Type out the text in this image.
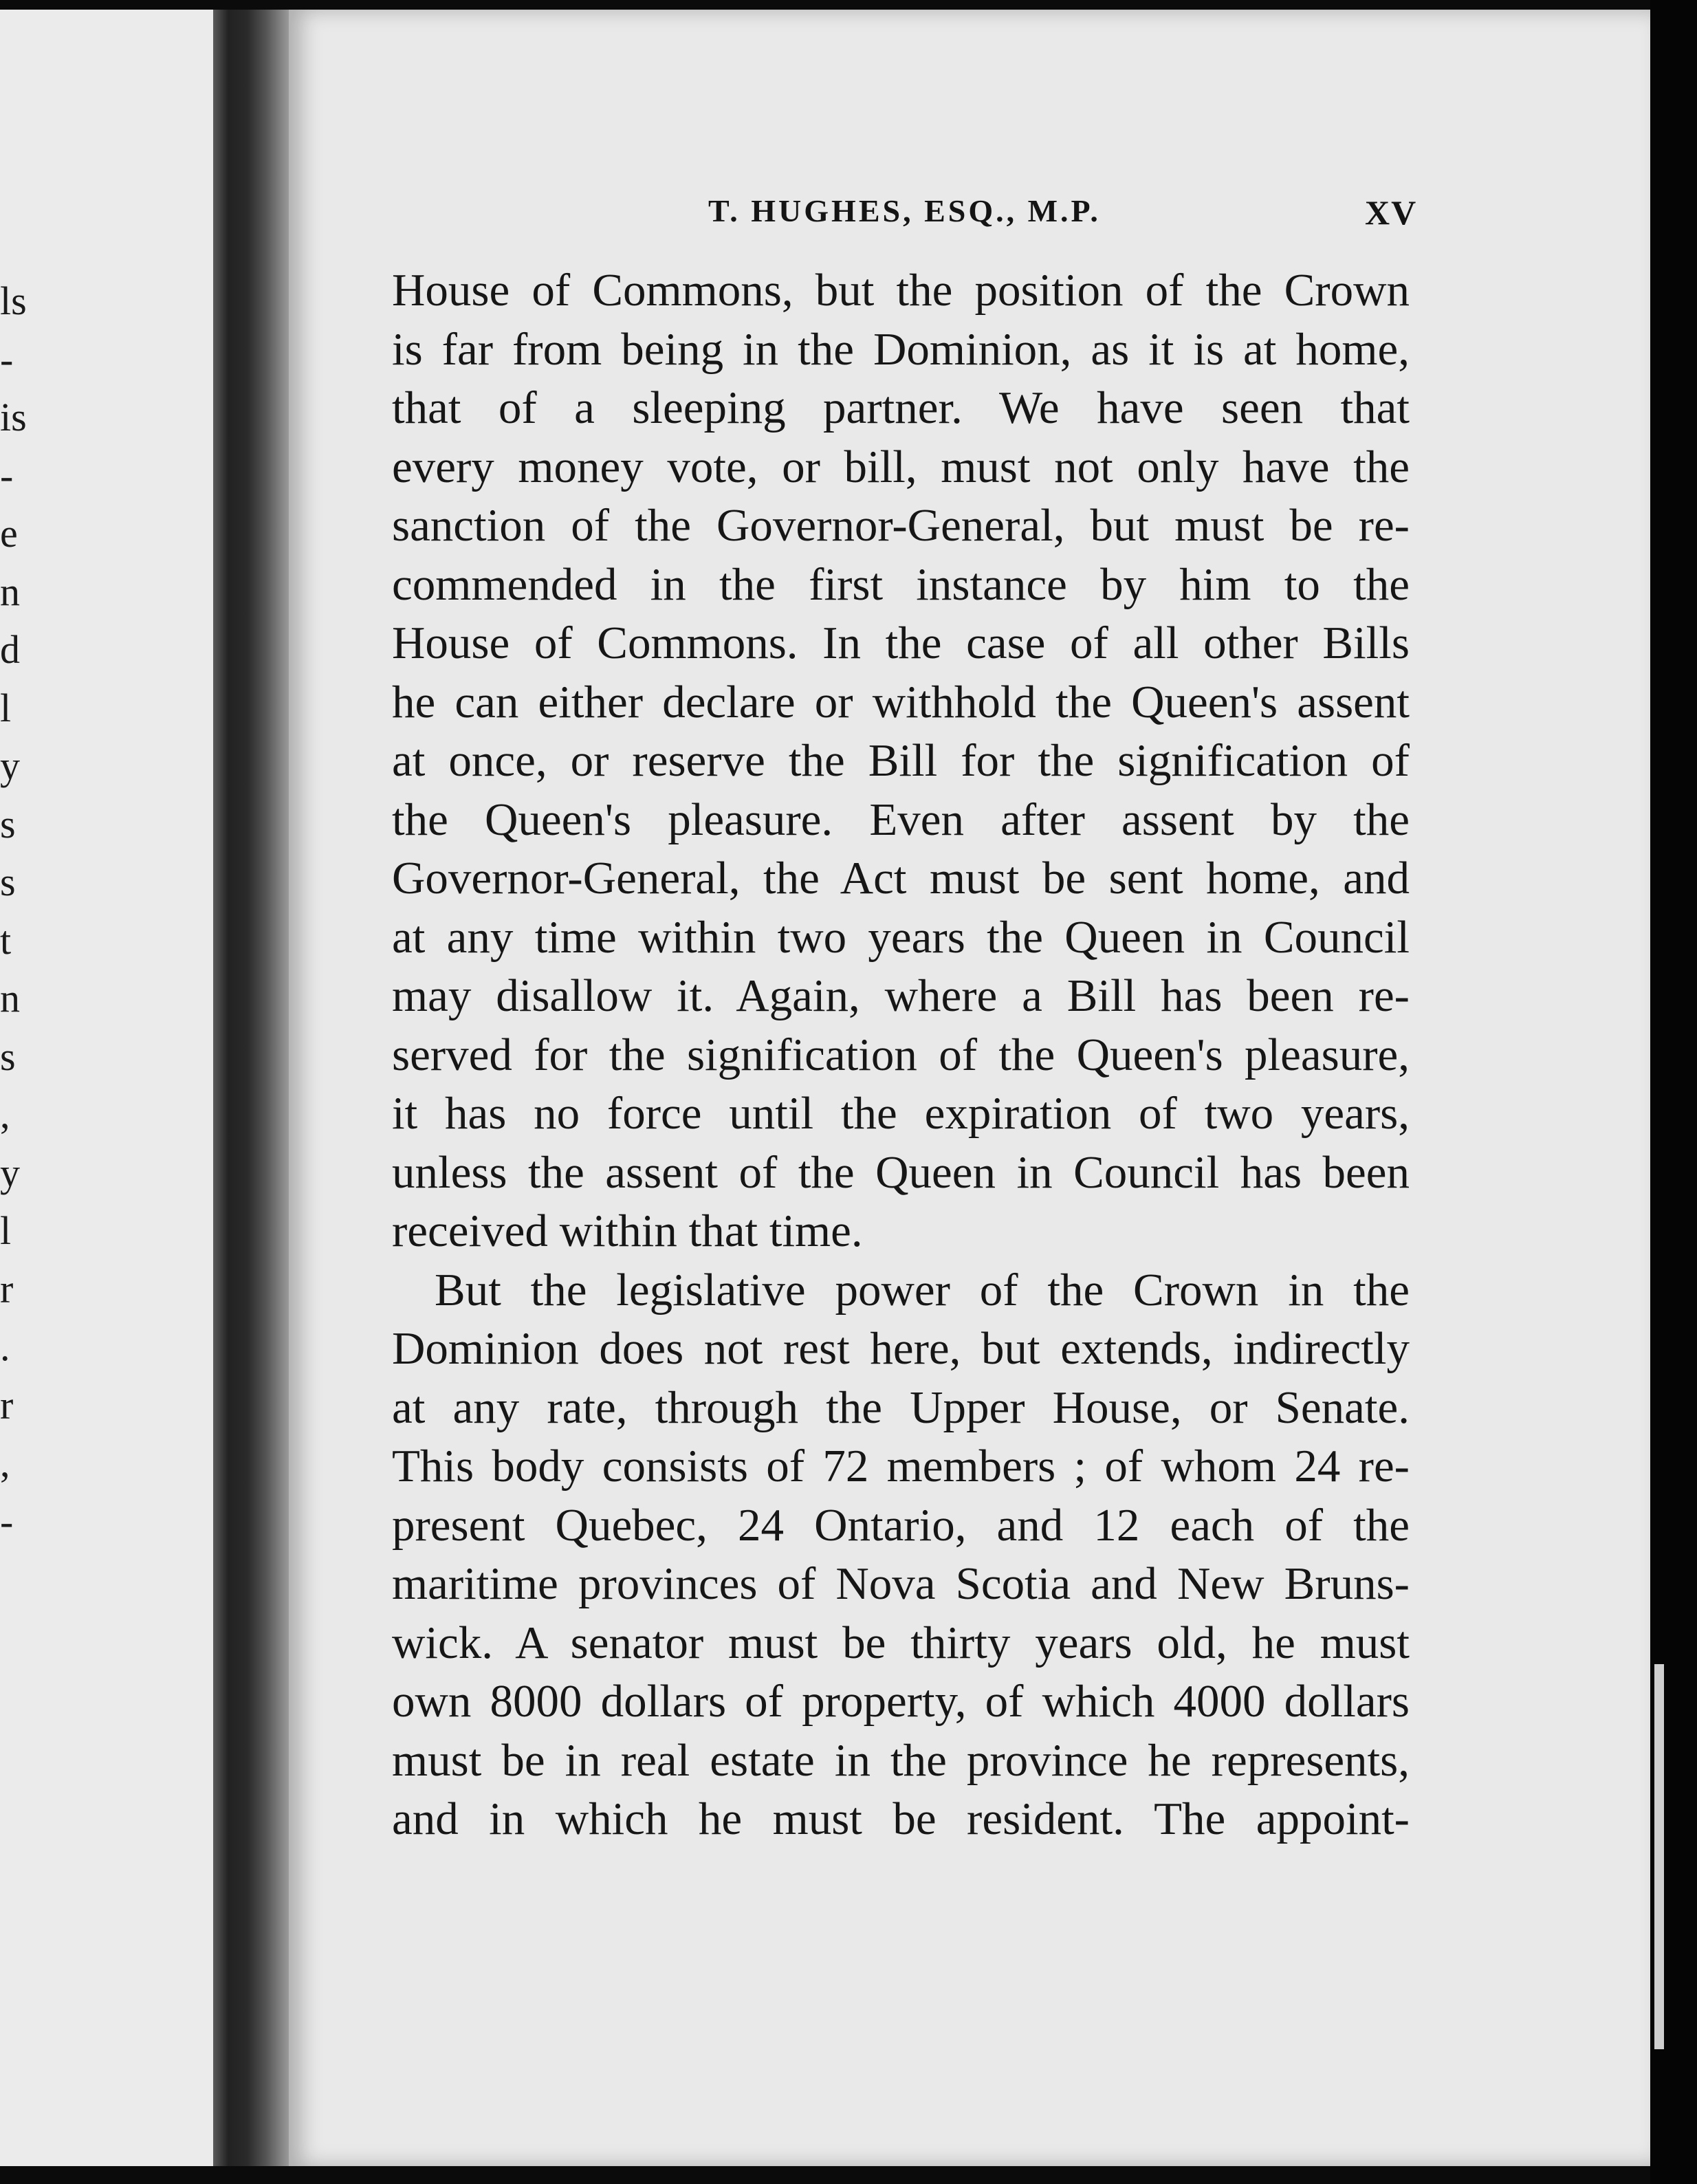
ls
-
is
-
e
n
d
l
y
s
s
t
n
s
,
y
l
r
.
r
,
-
T. HUGHES, ESQ., M.P.	XV
House of Commons, but the position of the Crown
is far from being in the Dominion, as it is at home,
that of a sleeping partner. We have seen that
every money vote, or bill, must not only have the
sanction of the Governor-General, but must be re-
commended in the first instance by him to the
House of Commons. In the case of all other Bills
he can either declare or withhold the Queen's assent
at once, or reserve the Bill for the signification of
the Queen's pleasure. Even after assent by the
Governor-General, the Act must be sent home, and
at any time within two years the Queen in Council
may disallow it. Again, where a Bill has been re-
served for the signification of the Queen's pleasure,
it has no force until the expiration of two years,
unless the assent of the Queen in Council has been
received within that time.
But the legislative power of the Crown in the
Dominion does not rest here, but extends, indirectly
at any rate, through the Upper House, or Senate.
This body consists of 72 members ; of whom 24 re-
present Quebec, 24 Ontario, and 12 each of the
maritime provinces of Nova Scotia and New Bruns-
wick. A senator must be thirty years old, he must
own 8000 dollars of property, of which 4000 dollars
must be in real estate in the province he represents,
and in which he must be resident. The appoint-
